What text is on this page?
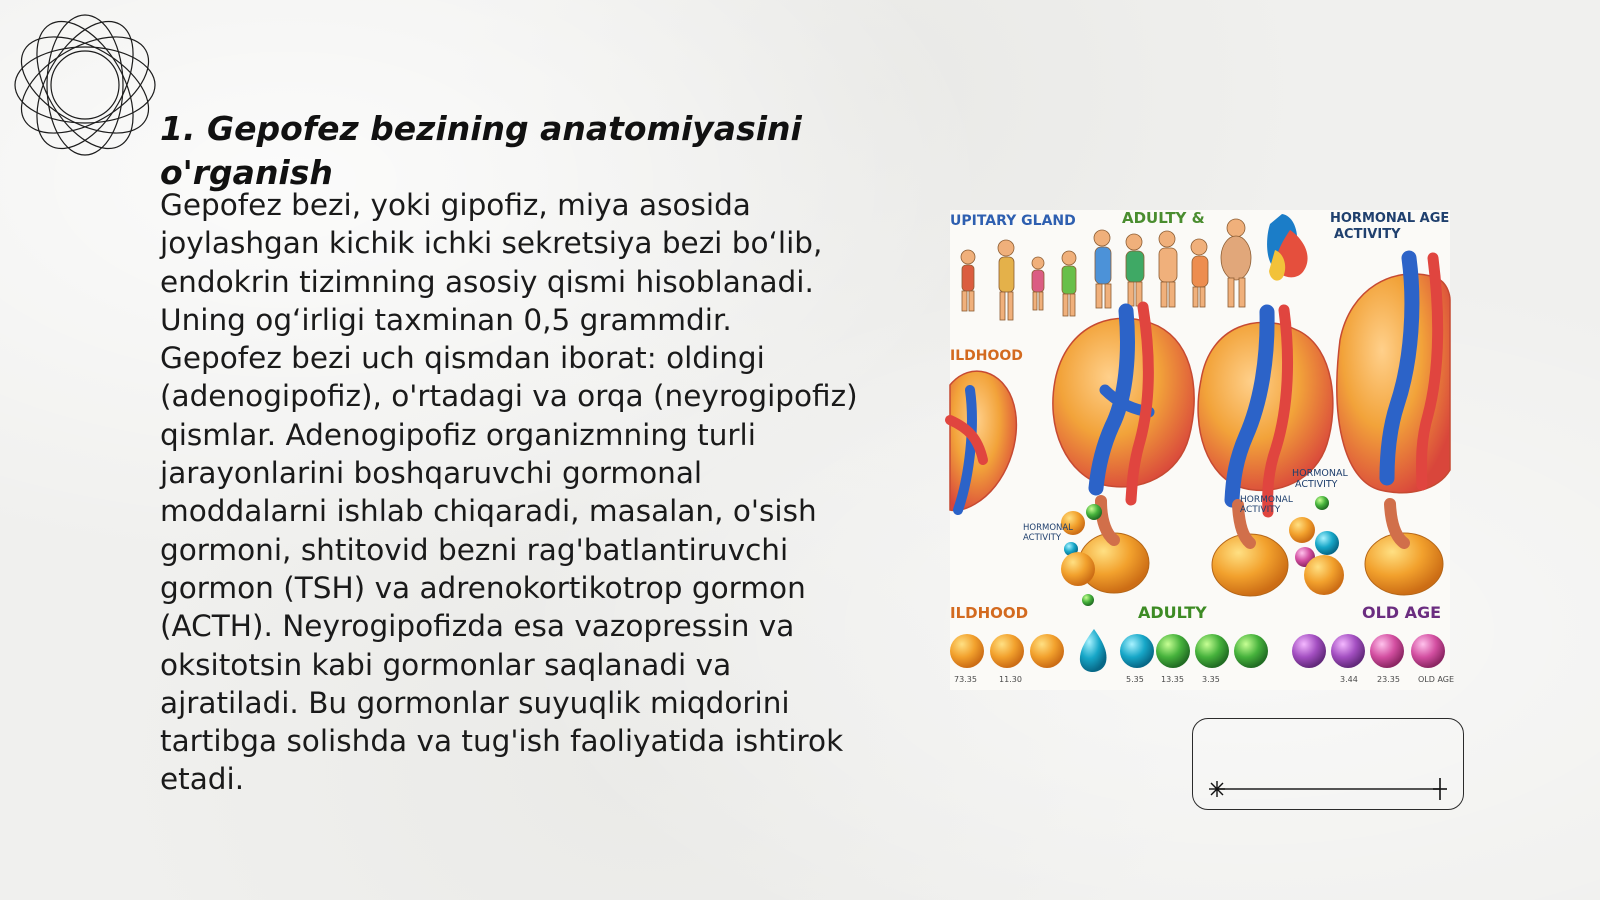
1. Gepofez bezining anatomiyasini o'rganish

Gepofez bezi, yoki gipofiz, miya asosida joylashgan kichik ichki sekretsiya bezi bo‘lib, endokrin tizimning asosiy qismi hisoblanadi. Uning og‘irligi taxminan 0,5 grammdir. Gepofez bezi uch qismdan iborat: oldingi (adenogipofiz), o'rtadagi va orqa (neyrogipofiz) qismlar. Adenogipofiz organizmning turli jarayonlarini boshqaruvchi gormonal moddalarni ishlab chiqaradi, masalan, o'sish gormoni, shtitovid bezni rag'batlantiruvchi gormon (TSH) va adrenokortikotrop gormon (ACTH). Neyrogipofizda esa vazopressin va oksitotsin kabi gormonlar saqlanadi va ajratiladi. Bu gormonlar suyuqlik miqdorini tartibga solishda va tug'ish faoliyatida ishtirok etadi.

UPITARY GLAND	ADULTY &	HORMONAL AGE
ACTIVITY
ILDHOOD
HORMONAL
ACTIVITY
HORMONAL
ACTIVITY
HORMONAL
ACTIVITY
ILDHOOD	ADULTY	OLD AGE
73.35	11.30	5.35 13.35 3.35	3.44 23.35 OLD AGE
